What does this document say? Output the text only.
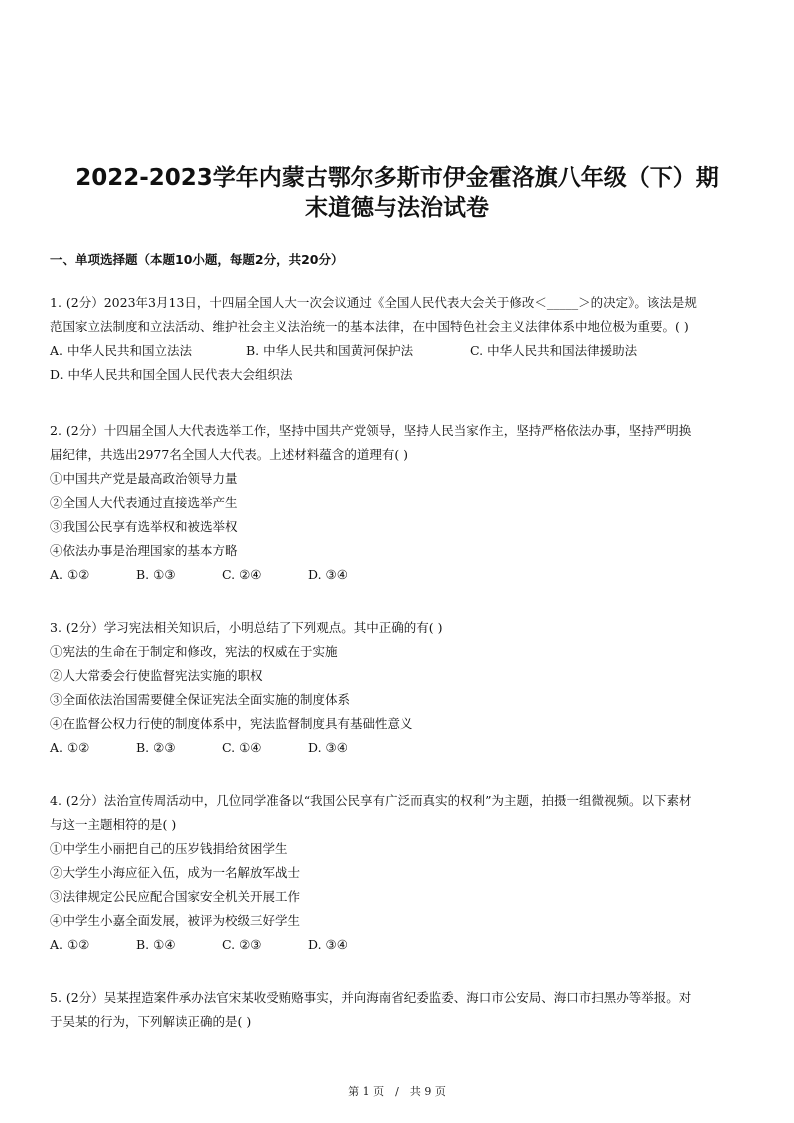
2022-2023学年内蒙古鄂尔多斯市伊金霍洛旗八年级（下）期
末道德与法治试卷
一、单项选择题（本题10小题，每题2分，共20分）
1. (2分）2023年3月13日，十四届全国人大一次会议通过《全国人民代表大会关于修改＜_____＞的决定》。该法是规
范国家立法制度和立法活动、维护社会主义法治统一的基本法律，在中国特色社会主义法律体系中地位极为重要。( )
A. 中华人民共和国立法法	B. 中华人民共和国黄河保护法	C. 中华人民共和国法律援助法
D. 中华人民共和国全国人民代表大会组织法
2. (2分）十四届全国人大代表选举工作，坚持中国共产党领导，坚持人民当家作主，坚持严格依法办事，坚持严明换
届纪律，共选出2977名全国人大代表。上述材料蕴含的道理有( )
①中国共产党是最高政治领导力量
②全国人大代表通过直接选举产生
③我国公民享有选举权和被选举权
④依法办事是治理国家的基本方略
A. ①②	B. ①③	C. ②④	D. ③④
3. (2分）学习宪法相关知识后，小明总结了下列观点。其中正确的有( )
①宪法的生命在于制定和修改，宪法的权威在于实施
②人大常委会行使监督宪法实施的职权
③全面依法治国需要健全保证宪法全面实施的制度体系
④在监督公权力行使的制度体系中，宪法监督制度具有基础性意义
A. ①②	B. ②③	C. ①④	D. ③④
4. (2分）法治宣传周活动中，几位同学准备以“我国公民享有广泛而真实的权利”为主题，拍摄一组微视频。以下素材
与这一主题相符的是( )
①中学生小丽把自己的压岁钱捐给贫困学生
②大学生小海应征入伍，成为一名解放军战士
③法律规定公民应配合国家安全机关开展工作
④中学生小嘉全面发展，被评为校级三好学生
A. ①②	B. ①④	C. ②③	D. ③④
5. (2分）吴某捏造案件承办法官宋某收受贿赂事实，并向海南省纪委监委、海口市公安局、海口市扫黑办等举报。对
于吴某的行为，下列解读正确的是( )
第 1 页　/　共 9 页
